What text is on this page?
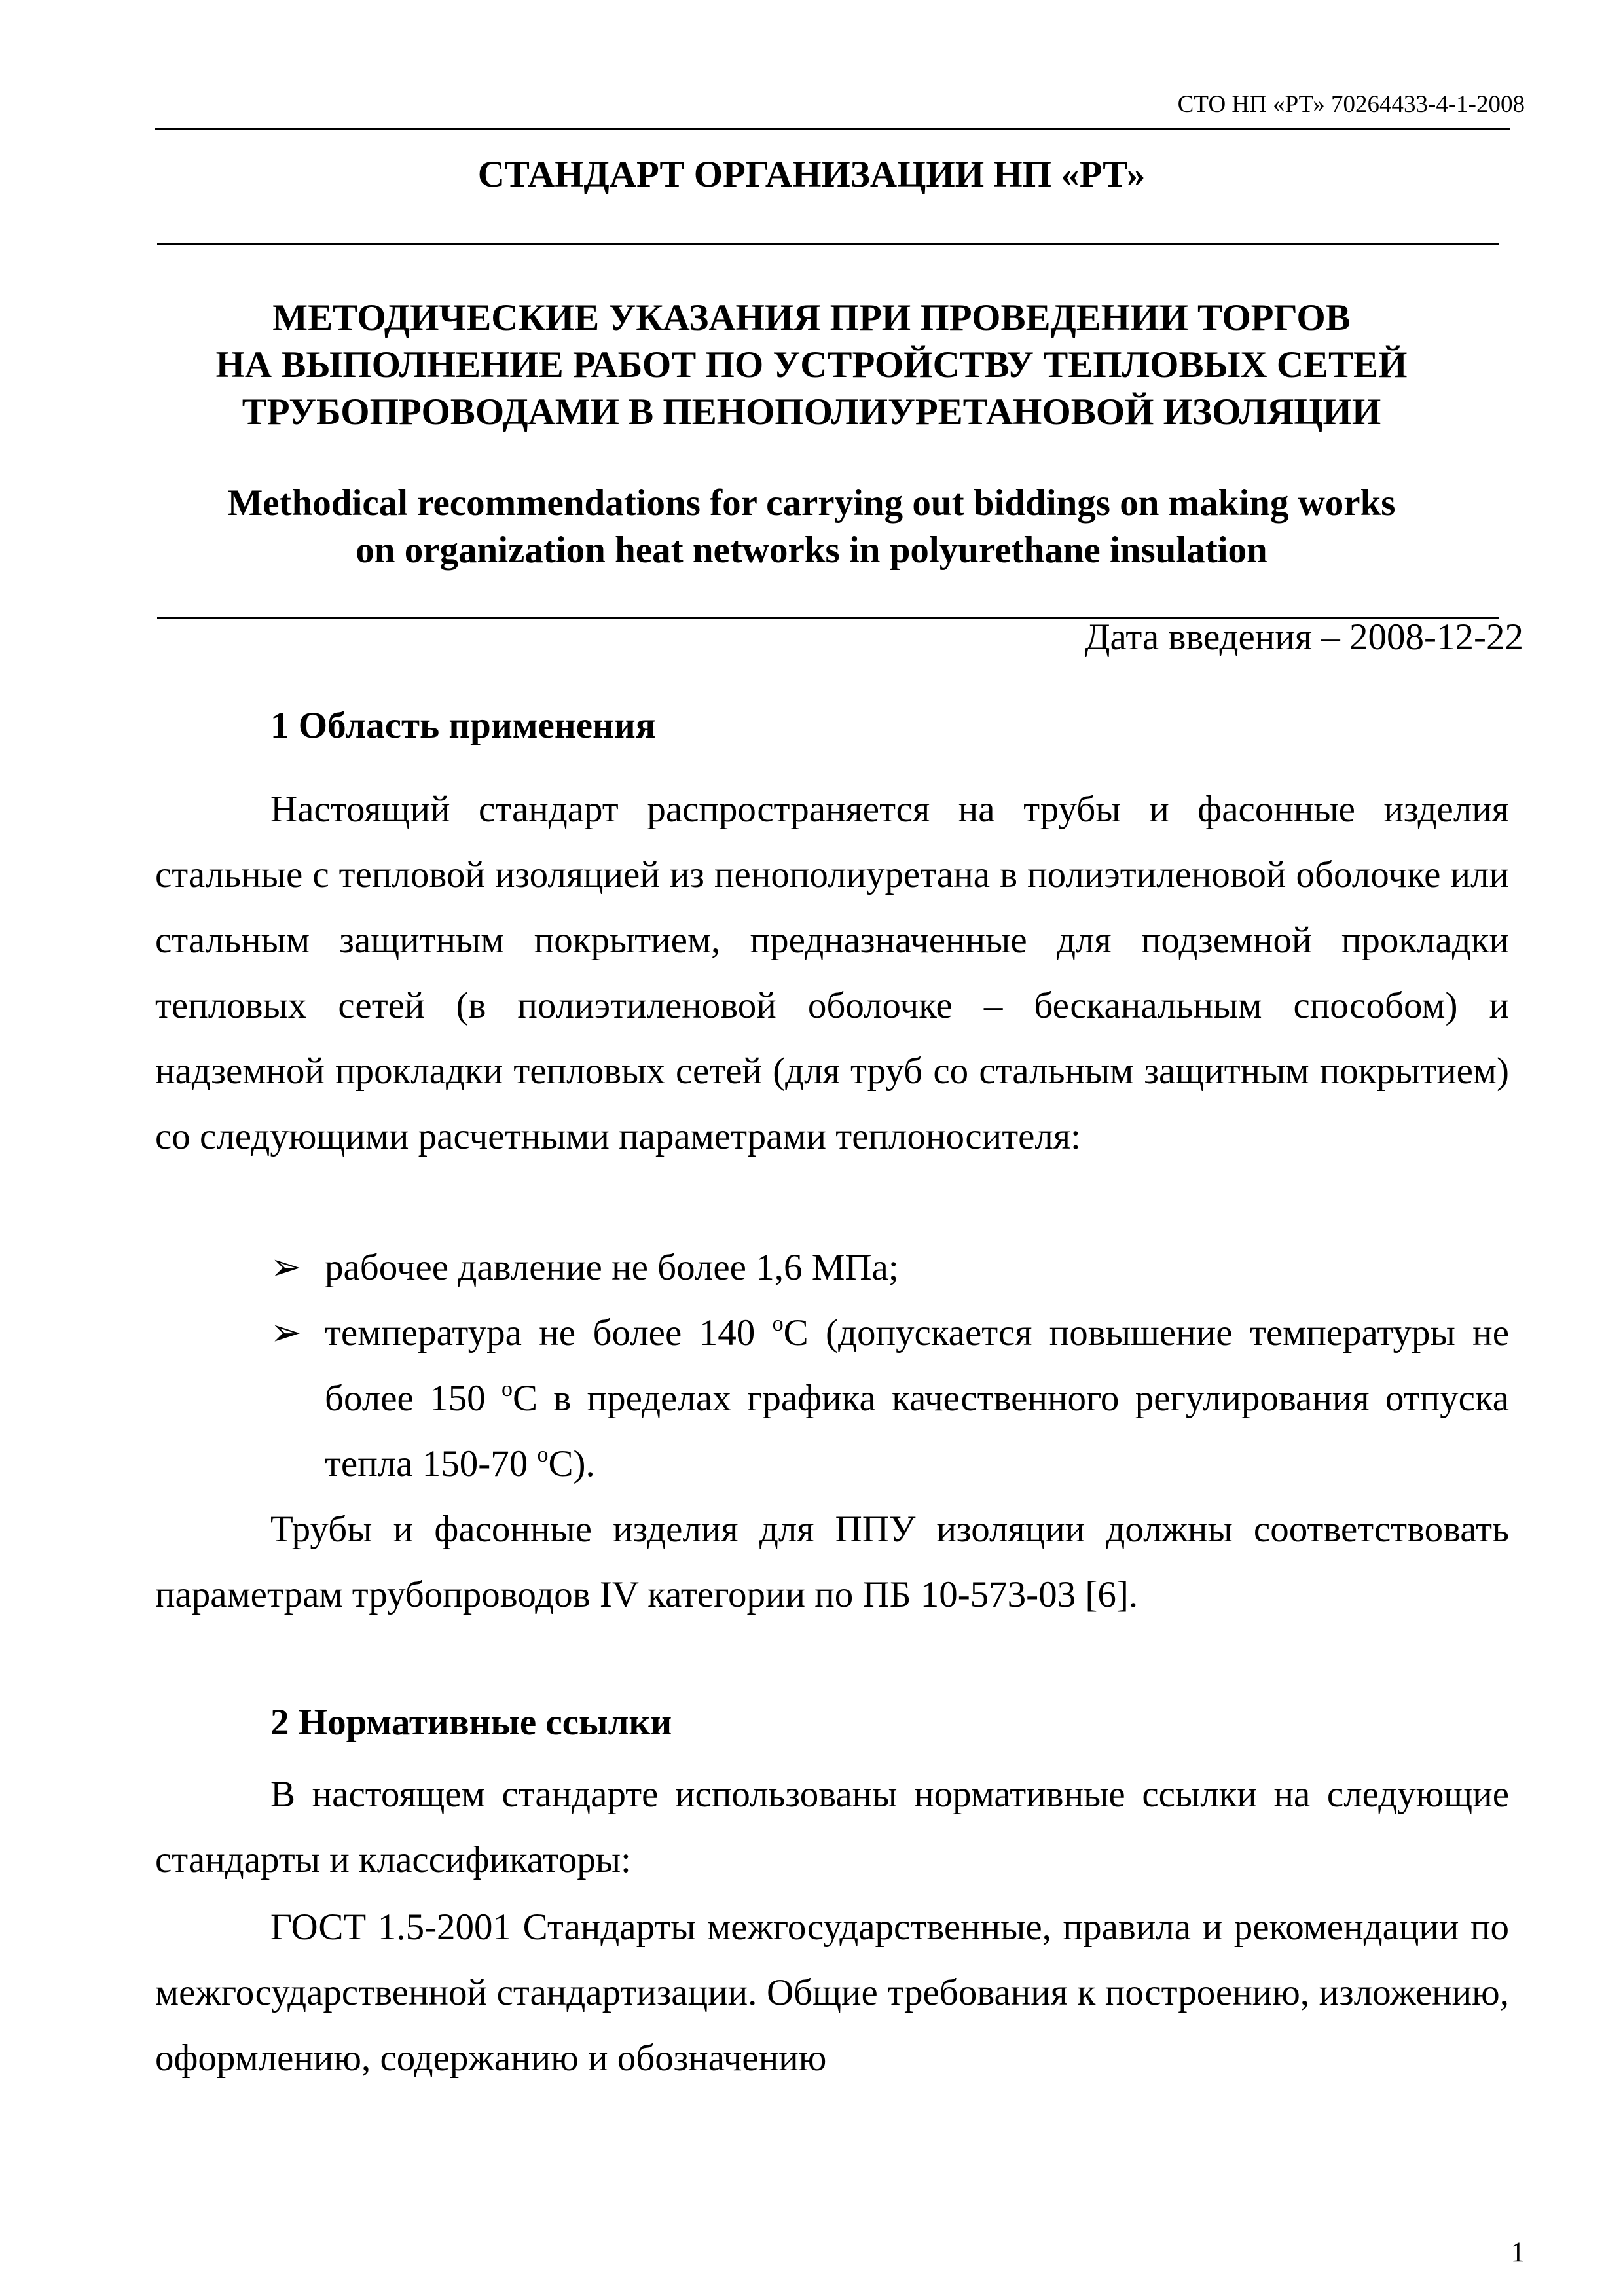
СТО НП «РТ» 70264433-4-1-2008
СТАНДАРТ ОРГАНИЗАЦИИ НП «РТ»
МЕТОДИЧЕСКИЕ УКАЗАНИЯ ПРИ ПРОВЕДЕНИИ ТОРГОВ
НА ВЫПОЛНЕНИЕ РАБОТ ПО УСТРОЙСТВУ ТЕПЛОВЫХ СЕТЕЙ
ТРУБОПРОВОДАМИ В ПЕНОПОЛИУРЕТАНОВОЙ ИЗОЛЯЦИИ
Methodical recommendations for carrying out biddings on making works
on organization heat networks in polyurethane insulation
Дата введения – 2008-12-22
1 Область применения
Настоящий стандарт распространяется на трубы и фасонные изделия стальные с тепловой изоляцией из пенополиуретана в полиэтиленовой оболочке или стальным защитным покрытием, предназначенные для подземной прокладки тепловых сетей (в полиэтиленовой оболочке – бесканальным способом) и надземной прокладки тепловых сетей (для труб со стальным защитным покрытием) со следующими расчетными параметрами теплоносителя:
➢ рабочее давление не более 1,6 МПа;
➢ температура не более 140 $^о$С (допускается повышение температуры не более 150 $^о$С в пределах графика качественного регулирования отпуска тепла 150-70 $^о$С).
Трубы и фасонные изделия для ППУ изоляции должны соответствовать параметрам трубопроводов IV категории по ПБ 10-573-03 [6].
2 Нормативные ссылки
В настоящем стандарте использованы нормативные ссылки на следующие стандарты и классификаторы:
ГОСТ 1.5-2001 Стандарты межгосударственные, правила и рекомендации по межгосударственной стандартизации. Общие требования к построению, изложению, оформлению, содержанию и обозначению
1
